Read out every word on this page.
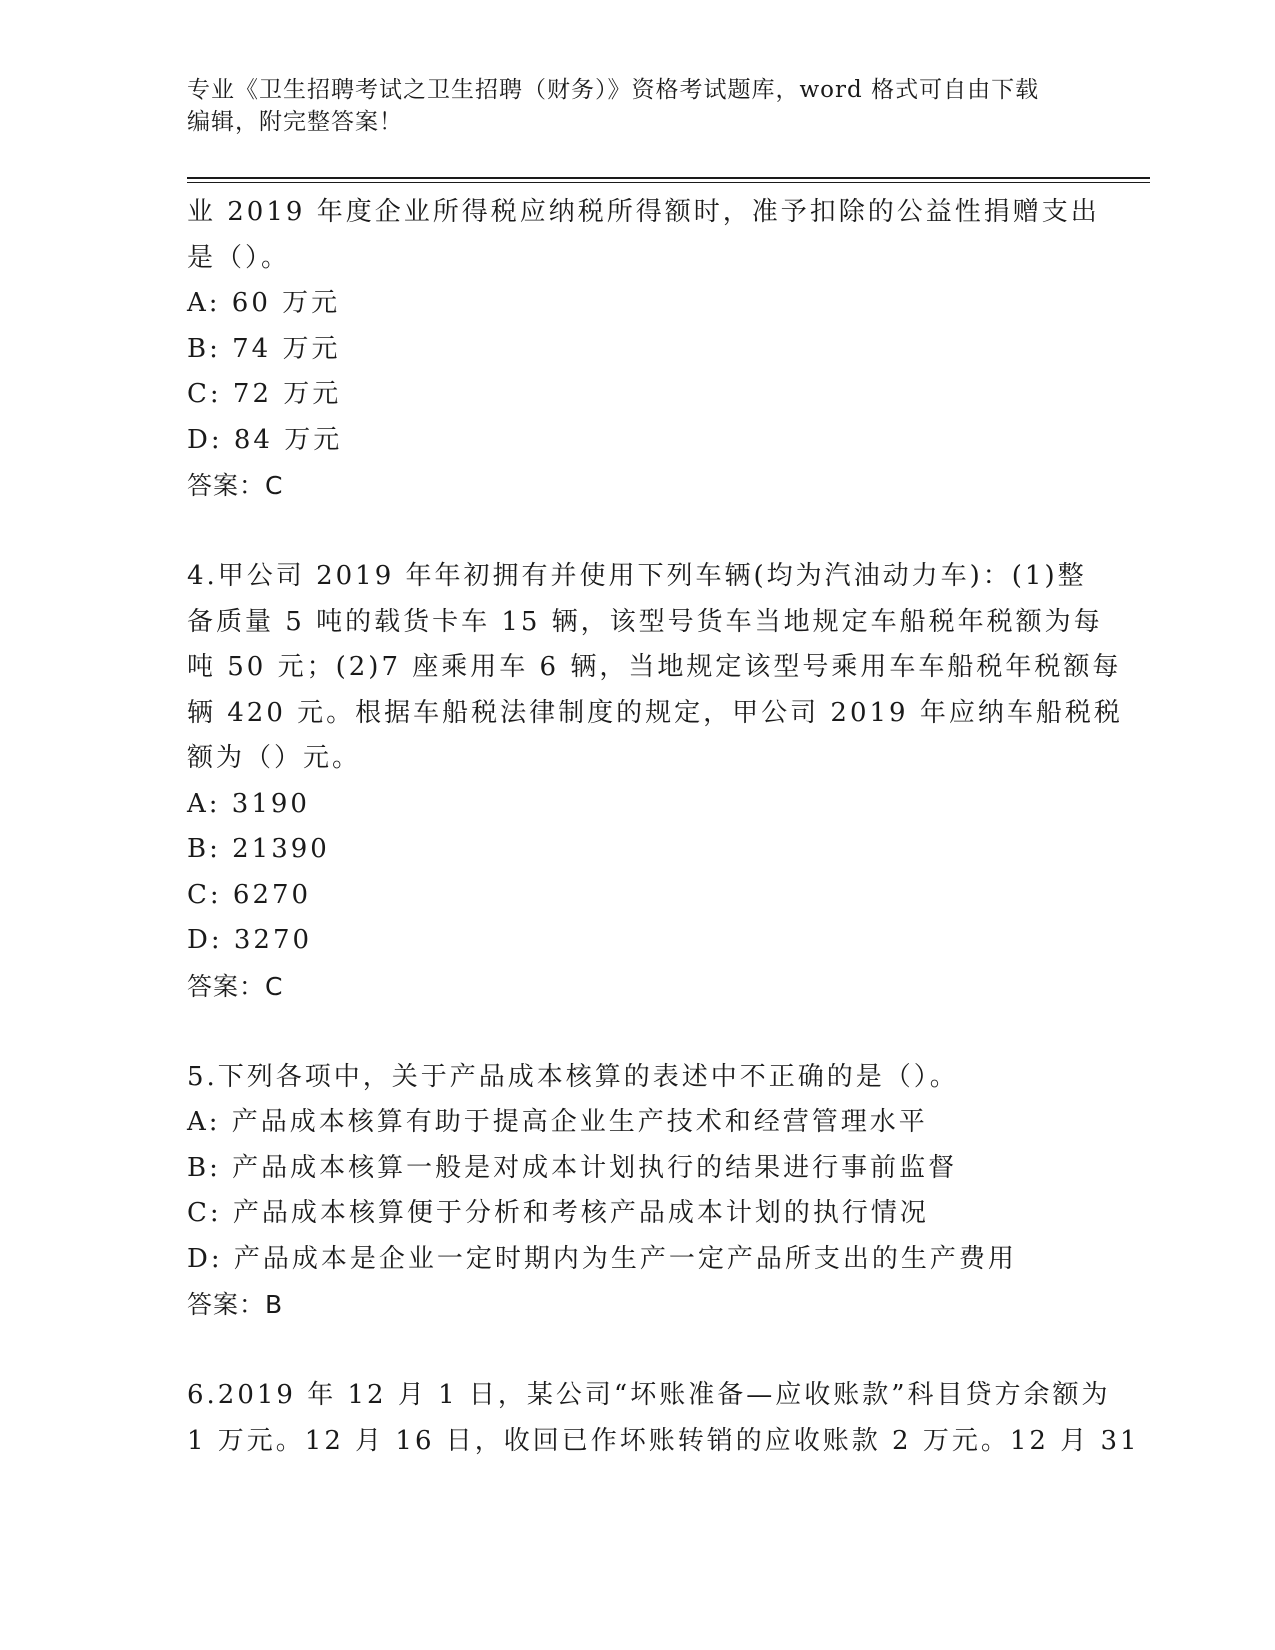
专业《卫生招聘考试之卫生招聘（财务）》资格考试题库，word 格式可自由下载
编辑，附完整答案！
业 2019 年度企业所得税应纳税所得额时，准予扣除的公益性捐赠支出
是（）。
A: 60 万元
B: 74 万元
C: 72 万元
D: 84 万元
答案：C
4.甲公司 2019 年年初拥有并使用下列车辆(均为汽油动力车)：(1)整
备质量 5 吨的载货卡车 15 辆，该型号货车当地规定车船税年税额为每
吨 50 元；(2)7 座乘用车 6 辆，当地规定该型号乘用车车船税年税额每
辆 420 元。根据车船税法律制度的规定，甲公司 2019 年应纳车船税税
额为（）元。
A: 3190
B: 21390
C: 6270
D: 3270
答案：C
5.下列各项中，关于产品成本核算的表述中不正确的是（）。
A: 产品成本核算有助于提高企业生产技术和经营管理水平
B: 产品成本核算一般是对成本计划执行的结果进行事前监督
C: 产品成本核算便于分析和考核产品成本计划的执行情况
D: 产品成本是企业一定时期内为生产一定产品所支出的生产费用
答案：B
6.2019 年 12 月 1 日，某公司“坏账准备—应收账款”科目贷方余额为
1 万元。12 月 16 日，收回已作坏账转销的应收账款 2 万元。12 月 31
